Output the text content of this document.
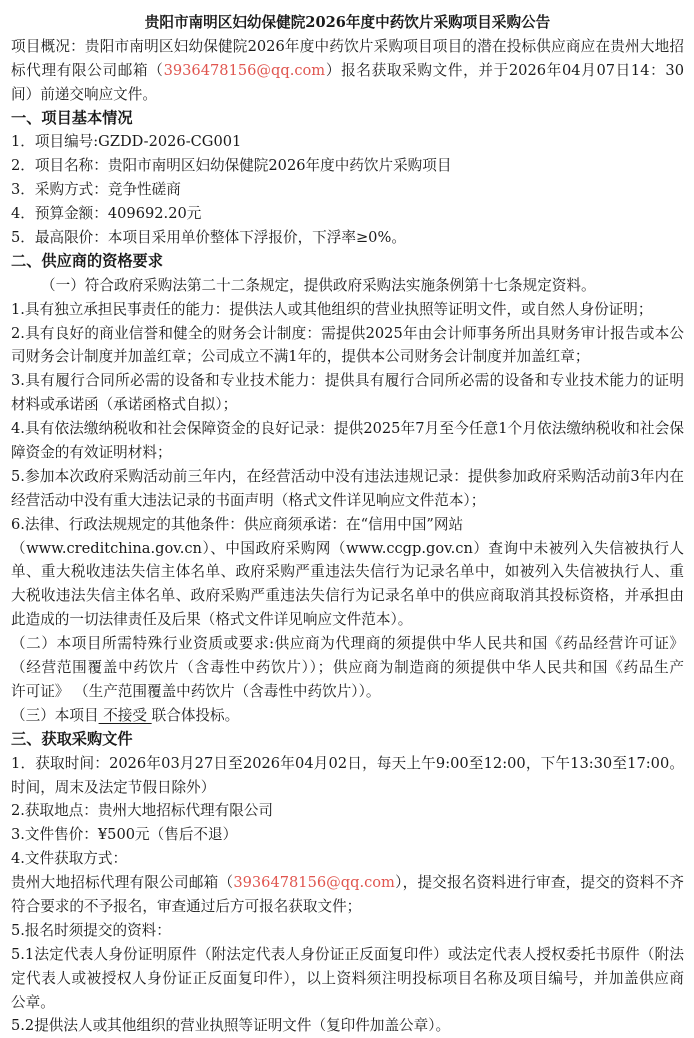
贵阳市南明区妇幼保健院2026年度中药饮片采购项目采购公告
项目概况：贵阳市南明区妇幼保健院2026年度中药饮片采购项目项目的潜在投标供应商应在贵州大地招
标代理有限公司邮箱（3936478156@qq.com）报名获取采购文件，并于2026年04月07日14：30
间）前递交响应文件。
一、项目基本情况
1．项目编号:GZDD-2026-CG001
2．项目名称：贵阳市南明区妇幼保健院2026年度中药饮片采购项目
3．采购方式：竞争性磋商
4．预算金额：409692.20元
5．最高限价：本项目采用单价整体下浮报价，下浮率≥0%。
二、供应商的资格要求
（一）符合政府采购法第二十二条规定，提供政府采购法实施条例第十七条规定资料。
1.具有独立承担民事责任的能力：提供法人或其他组织的营业执照等证明文件，或自然人身份证明；
2.具有良好的商业信誉和健全的财务会计制度：需提供2025年由会计师事务所出具财务审计报告或本公
司财务会计制度并加盖红章；公司成立不满1年的，提供本公司财务会计制度并加盖红章；
3.具有履行合同所必需的设备和专业技术能力：提供具有履行合同所必需的设备和专业技术能力的证明
材料或承诺函（承诺函格式自拟）；
4.具有依法缴纳税收和社会保障资金的良好记录：提供2025年7月至今任意1个月依法缴纳税收和社会保
障资金的有效证明材料；
5.参加本次政府采购活动前三年内，在经营活动中没有违法违规记录：提供参加政府采购活动前3年内在
经营活动中没有重大违法记录的书面声明（格式文件详见响应文件范本）；
6.法律、行政法规规定的其他条件：供应商须承诺：在“信用中国”网站
（www.creditchina.gov.cn）、中国政府采购网（www.ccgp.gov.cn）查询中未被列入失信被执行人
单、重大税收违法失信主体名单、政府采购严重违法失信行为记录名单中，如被列入失信被执行人、重
大税收违法失信主体名单、政府采购严重违法失信行为记录名单中的供应商取消其投标资格，并承担由
此造成的一切法律责任及后果（格式文件详见响应文件范本）。
（二）本项目所需特殊行业资质或要求:供应商为代理商的须提供中华人民共和国《药品经营许可证》
（经营范围覆盖中药饮片（含毒性中药饮片））；供应商为制造商的须提供中华人民共和国《药品生产
许可证》 （生产范围覆盖中药饮片（含毒性中药饮片））。
（三）本项目 不接受 联合体投标。
三、获取采购文件
1．获取时间：2026年03月27日至2026年04月02日，每天上午9:00至12:00，下午13:30至17:00。
时间，周末及法定节假日除外）
2.获取地点：贵州大地招标代理有限公司
3.文件售价：¥500元（售后不退）
4.文件获取方式：
贵州大地招标代理有限公司邮箱（3936478156@qq.com），提交报名资料进行审查，提交的资料不齐
符合要求的不予报名，审查通过后方可报名获取文件；
5.报名时须提交的资料：
5.1法定代表人身份证明原件（附法定代表人身份证正反面复印件）或法定代表人授权委托书原件（附法
定代表人或被授权人身份证正反面复印件），以上资料须注明投标项目名称及项目编号，并加盖供应商
公章。
5.2提供法人或其他组织的营业执照等证明文件（复印件加盖公章）。
